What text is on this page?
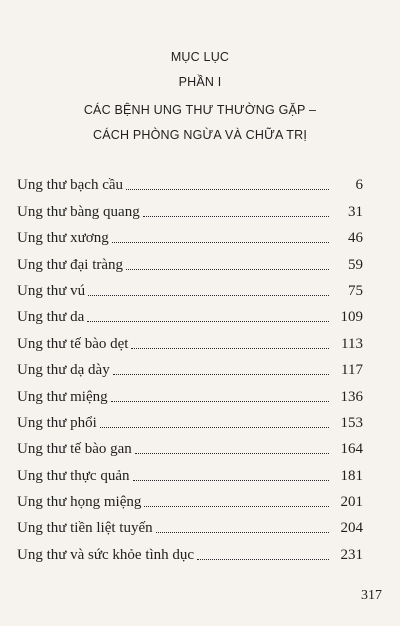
MỤC LỤC
PHẦN I
CÁC BỆNH UNG THƯ THƯỜNG GẶP –
CÁCH PHÒNG NGỪA VÀ CHỮA TRỊ
Ung thư bạch cầu	6
Ung thư bàng quang	31
Ung thư xương	46
Ung thư đại tràng	59
Ung thư vú	75
Ung thư da	109
Ung thư tế bào dẹt	113
Ung thư dạ dày	117
Ung thư miệng	136
Ung thư phổi	153
Ung thư tế bào gan	164
Ung thư thực quản	181
Ung thư họng miệng	201
Ung thư tiền liệt tuyến	204
Ung thư và sức khỏe tình dục	231
317
